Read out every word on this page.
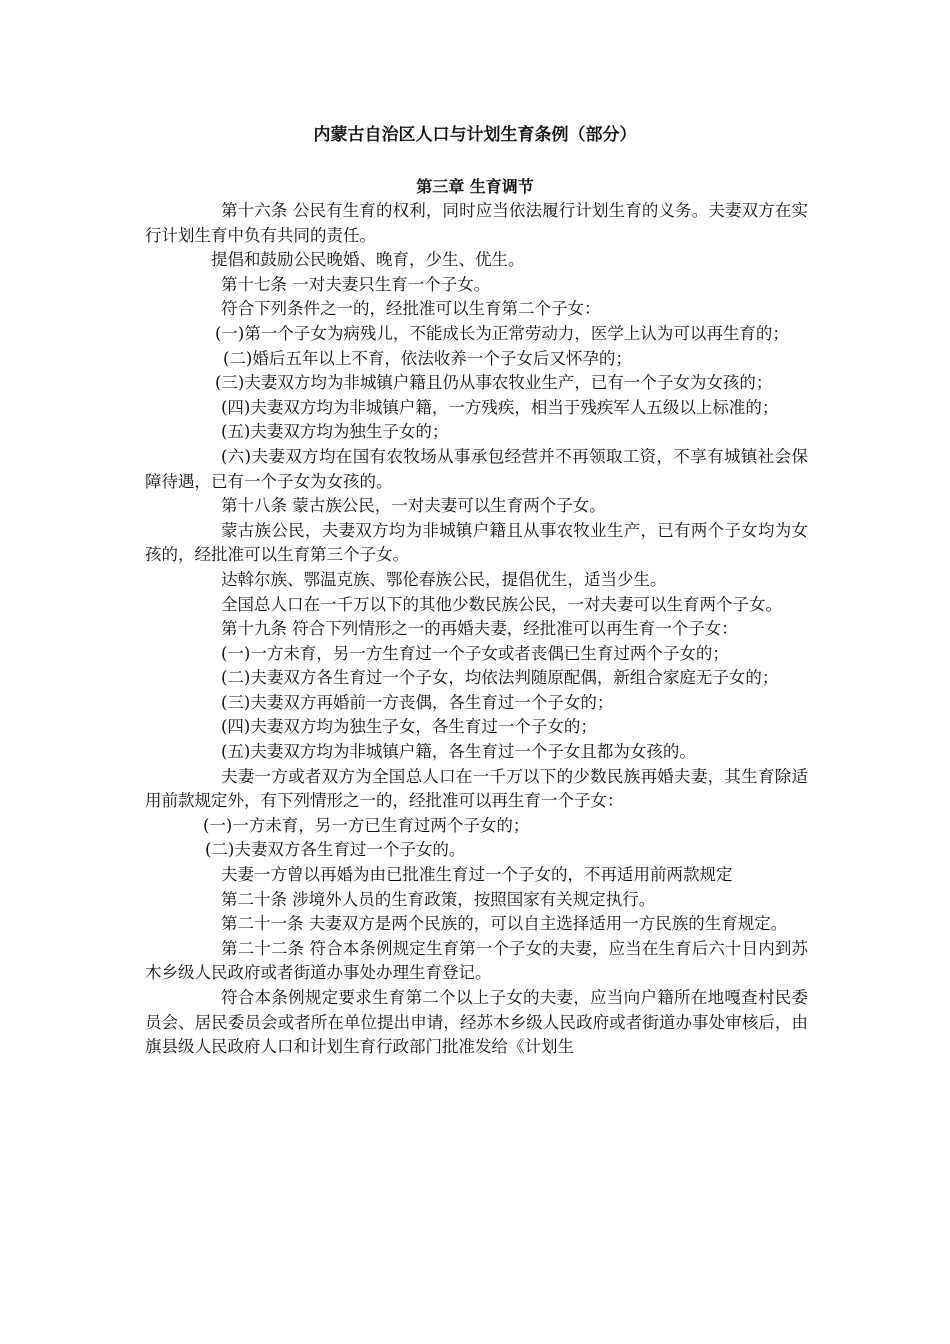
内蒙古自治区人口与计划生育条例（部分）
第三章 生育调节

第十六条 公民有生育的权利，同时应当依法履行计划生育的义务。夫妻双方在实行计划生育中负有共同的责任。

提倡和鼓励公民晚婚、晚育，少生、优生。

第十七条 一对夫妻只生育一个子女。

符合下列条件之一的，经批准可以生育第二个子女：

(一)第一个子女为病残儿，不能成长为正常劳动力，医学上认为可以再生育的；

(二)婚后五年以上不育，依法收养一个子女后又怀孕的；

(三)夫妻双方均为非城镇户籍且仍从事农牧业生产，已有一个子女为女孩的；

(四)夫妻双方均为非城镇户籍，一方残疾，相当于残疾军人五级以上标准的；

(五)夫妻双方均为独生子女的；

(六)夫妻双方均在国有农牧场从事承包经营并不再领取工资，不享有城镇社会保障待遇，已有一个子女为女孩的。

第十八条 蒙古族公民，一对夫妻可以生育两个子女。

蒙古族公民，夫妻双方均为非城镇户籍且从事农牧业生产，已有两个子女均为女孩的，经批准可以生育第三个子女。

达斡尔族、鄂温克族、鄂伦春族公民，提倡优生，适当少生。

全国总人口在一千万以下的其他少数民族公民，一对夫妻可以生育两个子女。

第十九条 符合下列情形之一的再婚夫妻，经批准可以再生育一个子女：

(一)一方未育，另一方生育过一个子女或者丧偶已生育过两个子女的；

(二)夫妻双方各生育过一个子女，均依法判随原配偶，新组合家庭无子女的；

(三)夫妻双方再婚前一方丧偶，各生育过一个子女的；

(四)夫妻双方均为独生子女，各生育过一个子女的；

(五)夫妻双方均为非城镇户籍，各生育过一个子女且都为女孩的。

夫妻一方或者双方为全国总人口在一千万以下的少数民族再婚夫妻，其生育除适用前款规定外，有下列情形之一的，经批准可以再生育一个子女：

(一)一方未育，另一方已生育过两个子女的；

(二)夫妻双方各生育过一个子女的。

夫妻一方曾以再婚为由已批准生育过一个子女的，不再适用前两款规定

第二十条 涉境外人员的生育政策，按照国家有关规定执行。

第二十一条 夫妻双方是两个民族的，可以自主选择适用一方民族的生育规定。

第二十二条 符合本条例规定生育第一个子女的夫妻，应当在生育后六十日内到苏木乡级人民政府或者街道办事处办理生育登记。

符合本条例规定要求生育第二个以上子女的夫妻，应当向户籍所在地嘎查村民委员会、居民委员会或者所在单位提出申请，经苏木乡级人民政府或者街道办事处审核后，由旗县级人民政府人口和计划生育行政部门批准发给《计划生
